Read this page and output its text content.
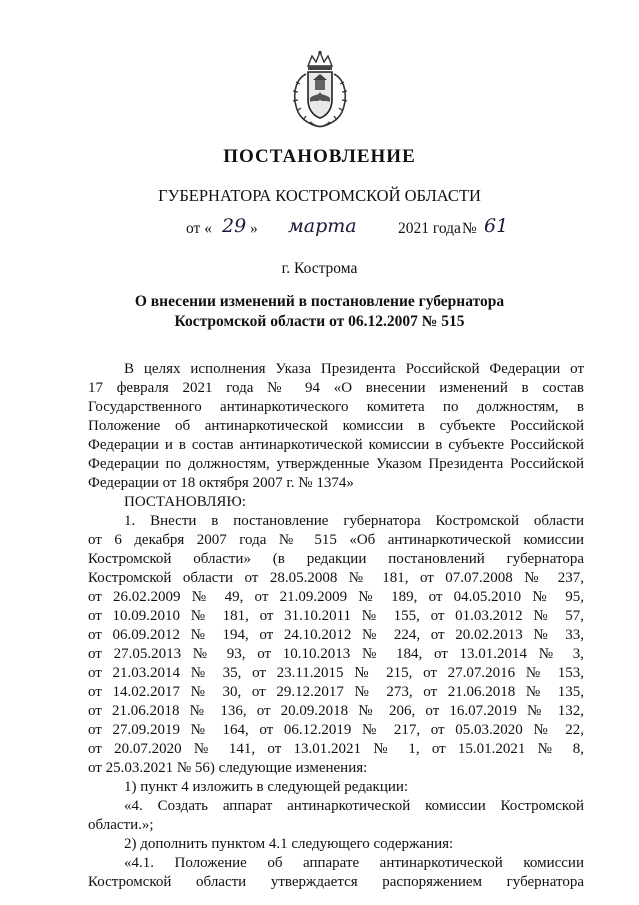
ПОСТАНОВЛЕНИЕ
ГУБЕРНАТОРА КОСТРОМСКОЙ ОБЛАСТИ
от « 29 » марта	2021 года № 61
г. Кострома
О внесении изменений в постановление губернатора
Костромской области от 06.12.2007 № 515

В целях исполнения Указа Президента Российской Федерации от

17 февраля 2021 года № 94 «О внесении изменений в состав

Государственного антинаркотического комитета по должностям, в

Положение об антинаркотической комиссии в субъекте Российской

Федерации и в состав антинаркотической комиссии в субъекте Российской

Федерации по должностям, утвержденные Указом Президента Российской

Федерации от 18 октября 2007 г. № 1374»

ПОСТАНОВЛЯЮ:

1. Внести в постановление губернатора Костромской области

от 6 декабря 2007 года № 515 «Об антинаркотической комиссии

Костромской области» (в редакции постановлений губернатора

Костромской области от 28.05.2008 № 181, от 07.07.2008 № 237,

от 26.02.2009 № 49, от 21.09.2009 № 189, от 04.05.2010 № 95,

от 10.09.2010 № 181, от 31.10.2011 № 155, от 01.03.2012 № 57,

от 06.09.2012 № 194, от 24.10.2012 № 224, от 20.02.2013 № 33,

от 27.05.2013 № 93, от 10.10.2013 № 184, от 13.01.2014 № 3,

от 21.03.2014 № 35, от 23.11.2015 № 215, от 27.07.2016 № 153,

от 14.02.2017 № 30, от 29.12.2017 № 273, от 21.06.2018 № 135,

от 21.06.2018 № 136, от 20.09.2018 № 206, от 16.07.2019 № 132,

от 27.09.2019 № 164, от 06.12.2019 № 217, от 05.03.2020 № 22,

от 20.07.2020 № 141, от 13.01.2021 № 1, от 15.01.2021 № 8,

от 25.03.2021 № 56) следующие изменения:

1) пункт 4 изложить в следующей редакции:

«4. Создать аппарат антинаркотической комиссии Костромской

области.»;

2) дополнить пунктом 4.1 следующего содержания:

«4.1. Положение об аппарате антинаркотической комиссии

Костромской области утверждается распоряжением губернатора
